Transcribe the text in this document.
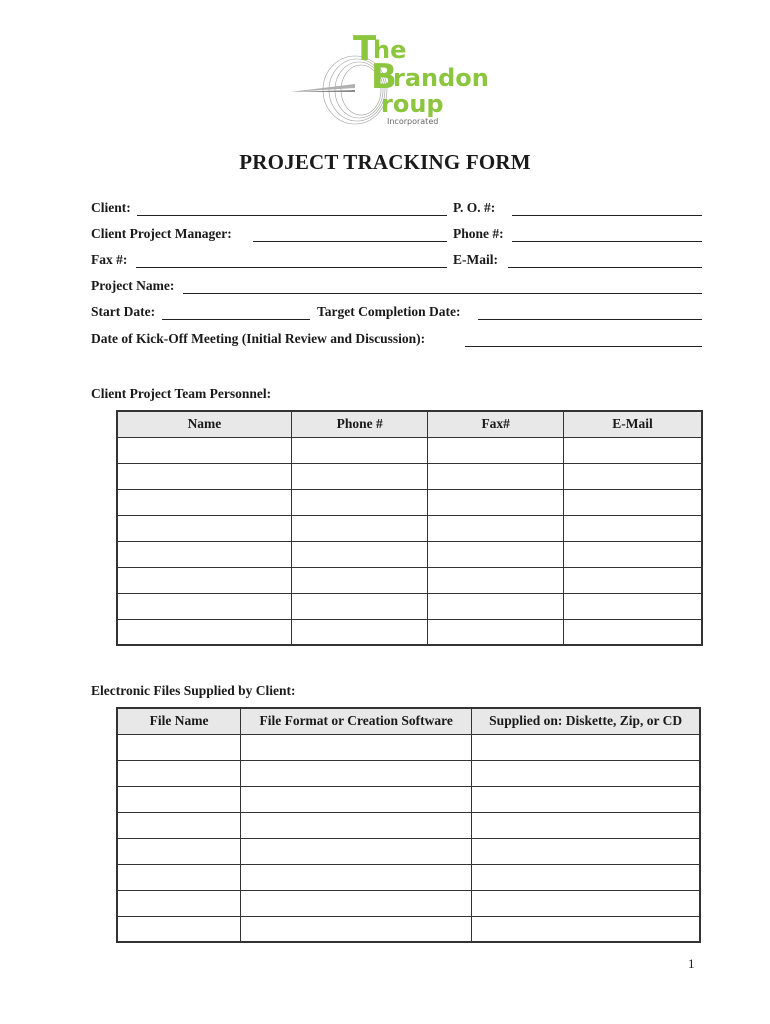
T
he
B
randon
roup
Incorporated
PROJECT TRACKING FORM
Client:	P. O. #:
Client Project Manager:	Phone #:
Fax #:	E-Mail:
Project Name:
Start Date:	Target Completion Date:
Date of Kick-Off Meeting (Initial Review and Discussion):
Client Project Team Personnel:
Name	Phone #	Fax#	E-Mail

Electronic Files Supplied by Client:
File Name	File Format or Creation Software	Supplied on: Diskette, Zip, or CD

1
